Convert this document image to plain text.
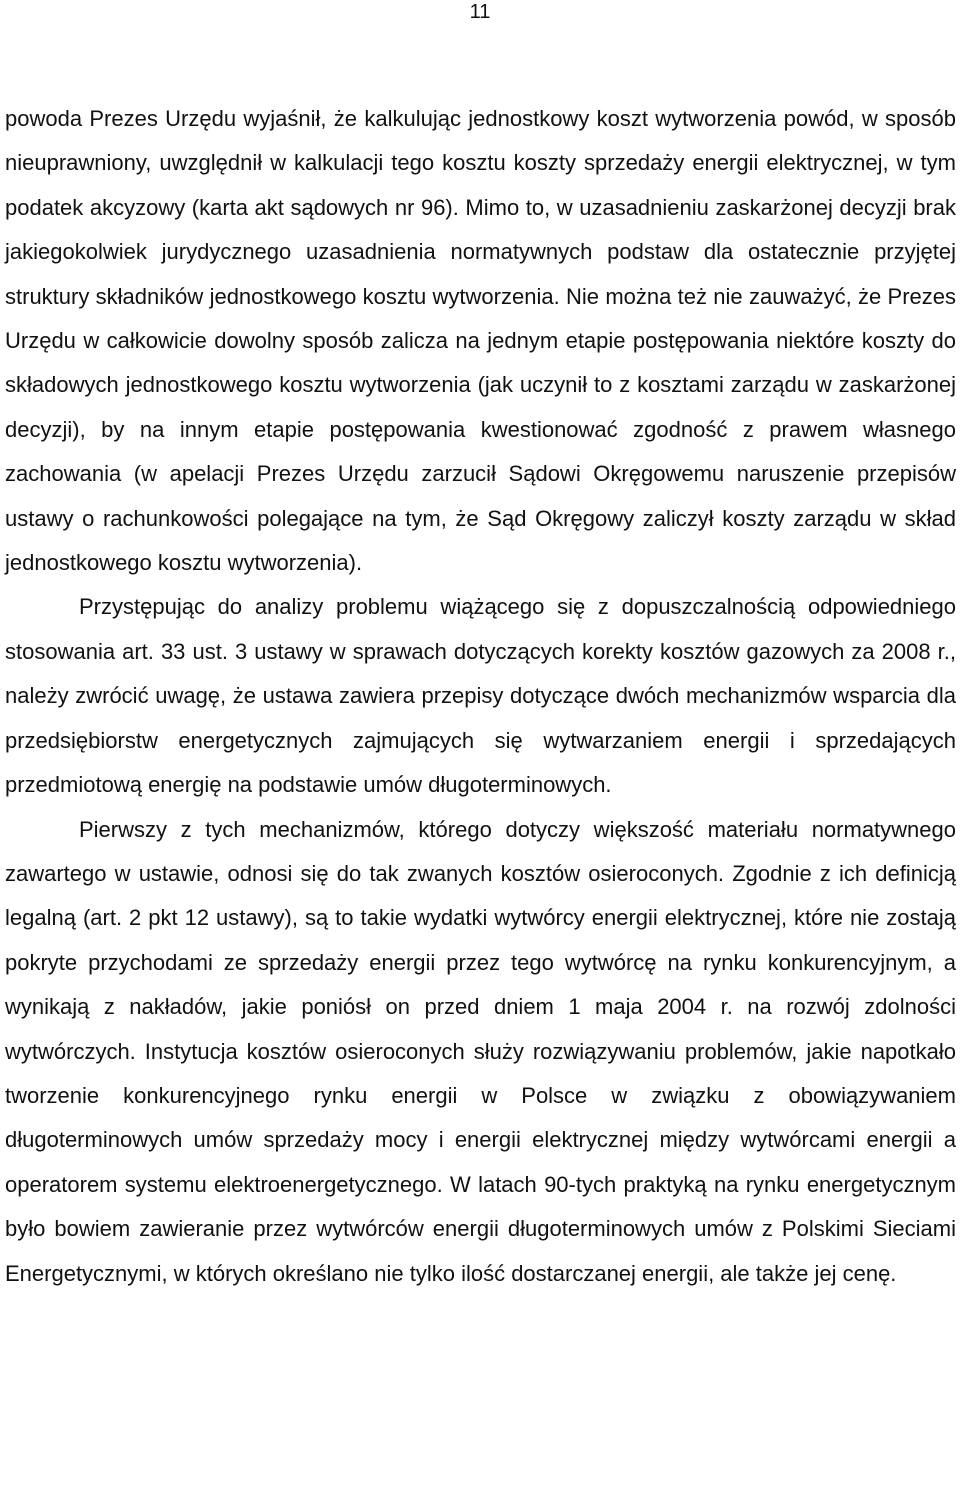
11

powoda Prezes Urzędu wyjaśnił, że kalkulując jednostkowy koszt wytworzenia powód, w sposób nieuprawniony, uwzględnił w kalkulacji tego kosztu koszty sprzedaży energii elektrycznej, w tym podatek akcyzowy (karta akt sądowych nr 96). Mimo to, w uzasadnieniu zaskarżonej decyzji brak jakiegokolwiek jurydycznego uzasadnienia normatywnych podstaw dla ostatecznie przyjętej struktury składników jednostkowego kosztu wytworzenia. Nie można też nie zauważyć, że Prezes Urzędu w całkowicie dowolny sposób zalicza na jednym etapie postępowania niektóre koszty do składowych jednostkowego kosztu wytworzenia (jak uczynił to z kosztami zarządu w zaskarżonej decyzji), by na innym etapie postępowania kwestionować zgodność z prawem własnego zachowania (w apelacji Prezes Urzędu zarzucił Sądowi Okręgowemu naruszenie przepisów ustawy o rachunkowości polegające na tym, że Sąd Okręgowy zaliczył koszty zarządu w skład jednostkowego kosztu wytworzenia).

Przystępując do analizy problemu wiążącego się z dopuszczalnością odpowiedniego stosowania art. 33 ust. 3 ustawy w sprawach dotyczących korekty kosztów gazowych za 2008 r., należy zwrócić uwagę, że ustawa zawiera przepisy dotyczące dwóch mechanizmów wsparcia dla przedsiębiorstw energetycznych zajmujących się wytwarzaniem energii i sprzedających przedmiotową energię na podstawie umów długoterminowych.

Pierwszy z tych mechanizmów, którego dotyczy większość materiału normatywnego zawartego w ustawie, odnosi się do tak zwanych kosztów osieroconych. Zgodnie z ich definicją legalną (art. 2 pkt 12 ustawy), są to takie wydatki wytwórcy energii elektrycznej, które nie zostają pokryte przychodami ze sprzedaży energii przez tego wytwórcę na rynku konkurencyjnym, a wynikają z nakładów, jakie poniósł on przed dniem 1 maja 2004 r. na rozwój zdolności wytwórczych. Instytucja kosztów osieroconych służy rozwiązywaniu problemów, jakie napotkało tworzenie konkurencyjnego rynku energii w Polsce w związku z obowiązywaniem długoterminowych umów sprzedaży mocy i energii elektrycznej między wytwórcami energii a operatorem systemu elektroenergetycznego. W latach 90-tych praktyką na rynku energetycznym było bowiem zawieranie przez wytwórców energii długoterminowych umów z Polskimi Sieciami Energetycznymi, w których określano nie tylko ilość dostarczanej energii, ale także jej cenę.
